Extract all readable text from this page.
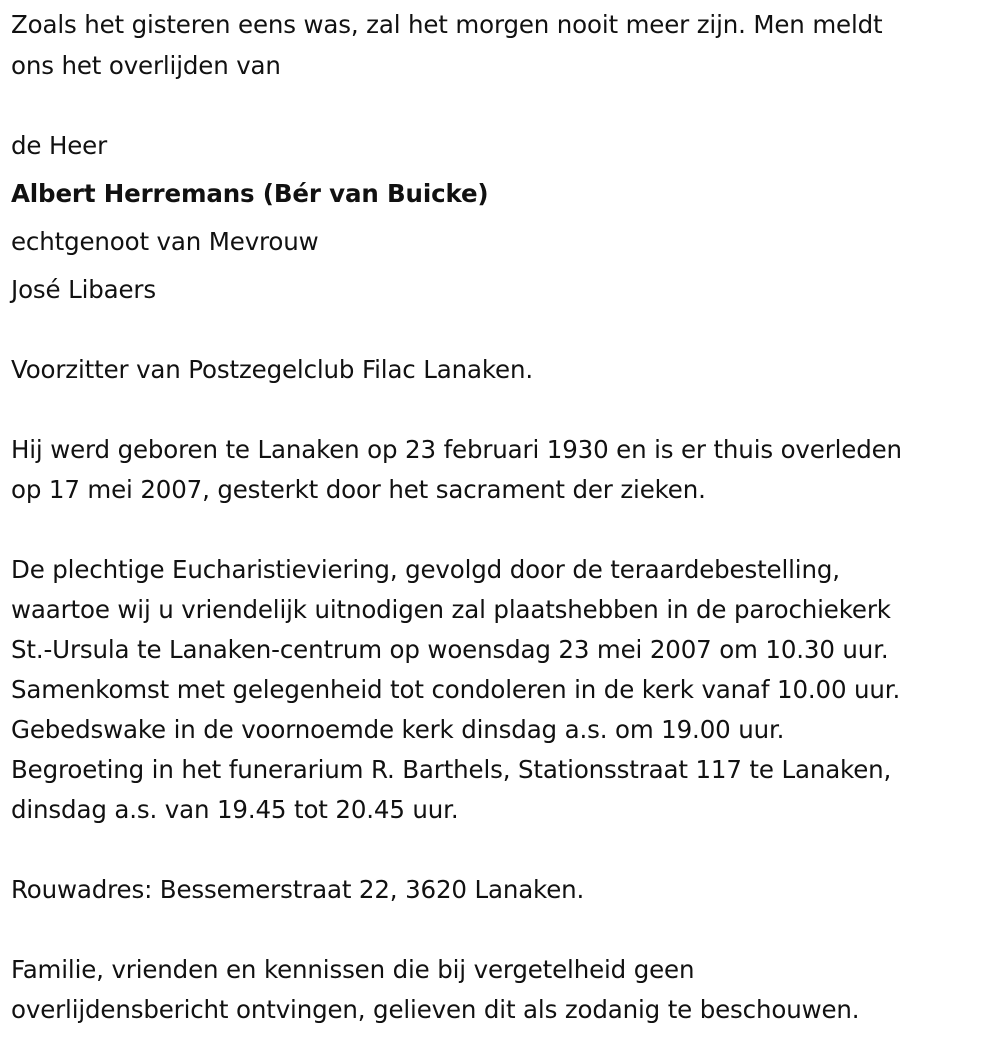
Zoals het gisteren eens was, zal het morgen nooit meer zijn. Men meldt
ons het overlijden van
de Heer
Albert Herremans (Bér van Buicke)
echtgenoot van Mevrouw
José Libaers
Voorzitter van Postzegelclub Filac Lanaken.
Hij werd geboren te Lanaken op 23 februari 1930 en is er thuis overleden
op 17 mei 2007, gesterkt door het sacrament der zieken.
De plechtige Eucharistieviering, gevolgd door de teraardebestelling,
waartoe wij u vriendelijk uitnodigen zal plaatshebben in de parochiekerk
St.-Ursula te Lanaken-centrum op woensdag 23 mei 2007 om 10.30 uur.
Samenkomst met gelegenheid tot condoleren in de kerk vanaf 10.00 uur.
Gebedswake in de voornoemde kerk dinsdag a.s. om 19.00 uur.
Begroeting in het funerarium R. Barthels, Stationsstraat 117 te Lanaken,
dinsdag a.s. van 19.45 tot 20.45 uur.
Rouwadres: Bessemerstraat 22, 3620 Lanaken.
Familie, vrienden en kennissen die bij vergetelheid geen
overlijdensbericht ontvingen, gelieven dit als zodanig te beschouwen.
